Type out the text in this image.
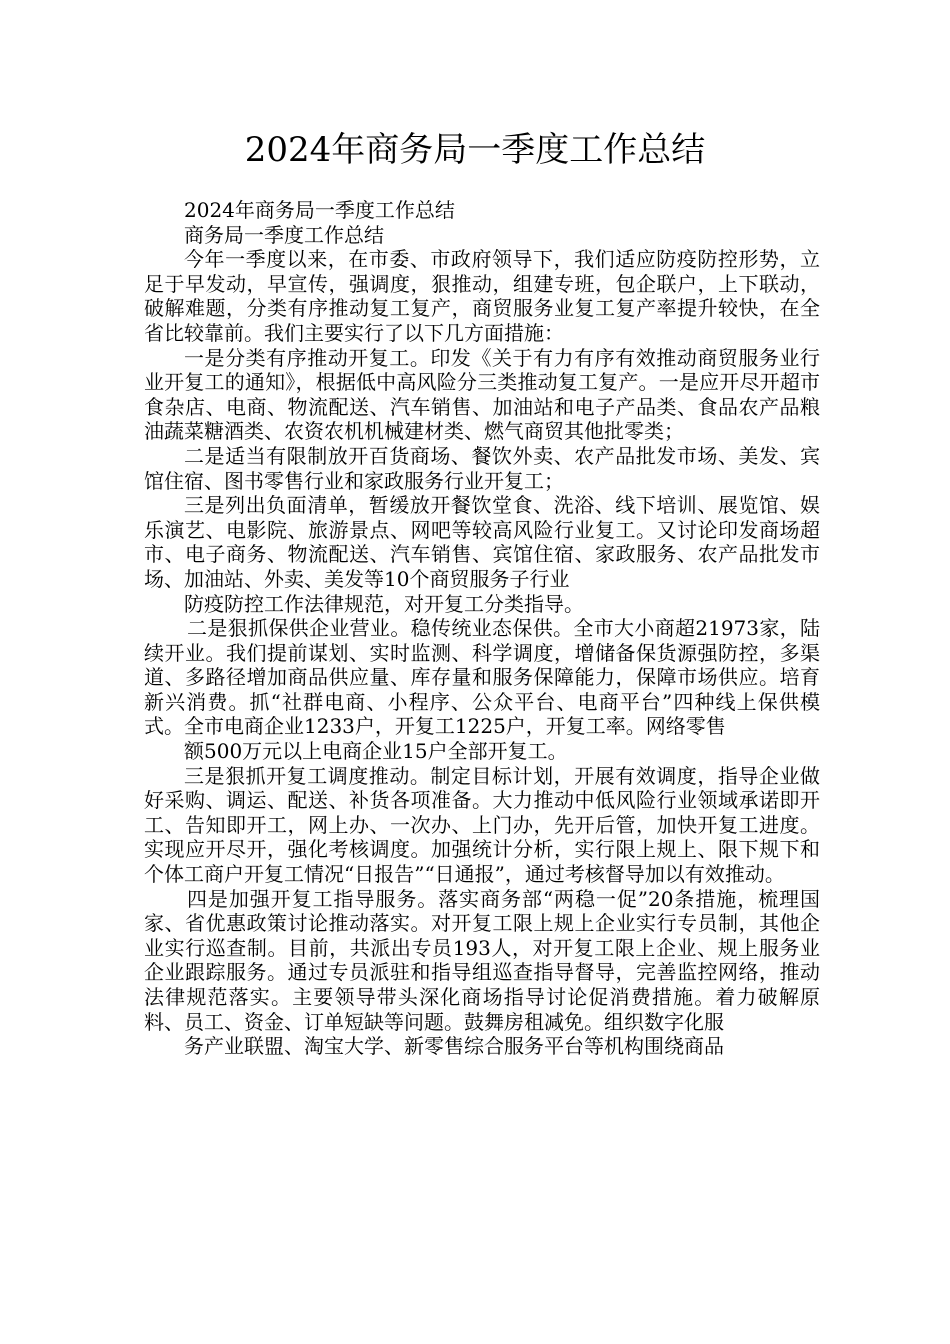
2024年商务局一季度工作总结

2024年商务局一季度工作总结

商务局一季度工作总结

今年一季度以来，在市委、市政府领导下，我们适应防疫防控形势，立足于早发动，早宣传，强调度，狠推动，组建专班，包企联户，上下联动，破解难题，分类有序推动复工复产，商贸服务业复工复产率提升较快，在全省比较靠前。我们主要实行了以下几方面措施：

一是分类有序推动开复工。印发《关于有力有序有效推动商贸服务业行业开复工的通知》，根据低中高风险分三类推动复工复产。一是应开尽开超市食杂店、电商、物流配送、汽车销售、加油站和电子产品类、食品农产品粮油蔬菜糖酒类、农资农机机械建材类、燃气商贸其他批零类；

二是适当有限制放开百货商场、餐饮外卖、农产品批发市场、美发、宾馆住宿、图书零售行业和家政服务行业开复工；

三是列出负面清单，暂缓放开餐饮堂食、洗浴、线下培训、展览馆、娱乐演艺、电影院、旅游景点、网吧等较高风险行业复工。又讨论印发商场超市、电子商务、物流配送、汽车销售、宾馆住宿、家政服务、农产品批发市场、加油站、外卖、美发等10个商贸服务子行业

防疫防控工作法律规范，对开复工分类指导。

二是狠抓保供企业营业。稳传统业态保供。全市大小商超21973家，陆续开业。我们提前谋划、实时监测、科学调度，增储备保货源强防控，多渠道、多路径增加商品供应量、库存量和服务保障能力，保障市场供应。培育新兴消费。抓“社群电商、小程序、公众平台、电商平台”四种线上保供模式。全市电商企业1233户，开复工1225户，开复工率。网络零售

额500万元以上电商企业15户全部开复工。

三是狠抓开复工调度推动。制定目标计划，开展有效调度，指导企业做好采购、调运、配送、补货各项准备。大力推动中低风险行业领域承诺即开工、告知即开工，网上办、一次办、上门办，先开后管，加快开复工进度。实现应开尽开，强化考核调度。加强统计分析，实行限上规上、限下规下和个体工商户开复工情况“日报告”“日通报”，通过考核督导加以有效推动。

四是加强开复工指导服务。落实商务部“两稳一促”20条措施，梳理国家、省优惠政策讨论推动落实。对开复工限上规上企业实行专员制，其他企业实行巡查制。目前，共派出专员193人，对开复工限上企业、规上服务业企业跟踪服务。通过专员派驻和指导组巡查指导督导，完善监控网络，推动法律规范落实。主要领导带头深化商场指导讨论促消费措施。着力破解原料、员工、资金、订单短缺等问题。鼓舞房租减免。组织数字化服

务产业联盟、淘宝大学、新零售综合服务平台等机构围绕商品
